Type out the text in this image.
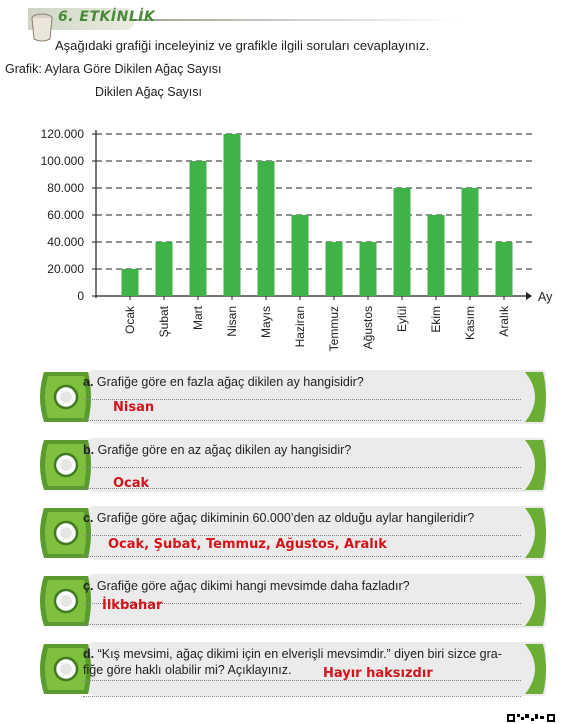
6. ETKİNLİK
Aşağıdaki grafiği inceleyiniz ve grafikle ilgili soruları cevaplayınız.
Grafik: Aylara Göre Dikilen Ağaç Sayısı
Dikilen Ağaç Sayısı
0
20.000
40.000
60.000
80.000
100.000
120.000
Ay
Ocak Şubat Mart Nisan Mayıs Haziran Temmuz Ağustos Eylül Ekim Kasım Aralık
a. Grafiğe göre en fazla ağaç dikilen ay hangisidir?
Nisan
b. Grafiğe göre en az ağaç dikilen ay hangisidir?
Ocak
c. Grafiğe göre ağaç dikiminin 60.000’den az olduğu aylar hangileridir?
Ocak, Şubat, Temmuz, Ağustos, Aralık
ç. Grafiğe göre ağaç dikimi hangi mevsimde daha fazladır?
İlkbahar
d. “Kış mevsimi, ağaç dikimi için en elverişli mevsimdir.” diyen biri sizce gra-
fiğe göre haklı olabilir mi? Açıklayınız.	Hayır haksızdır
